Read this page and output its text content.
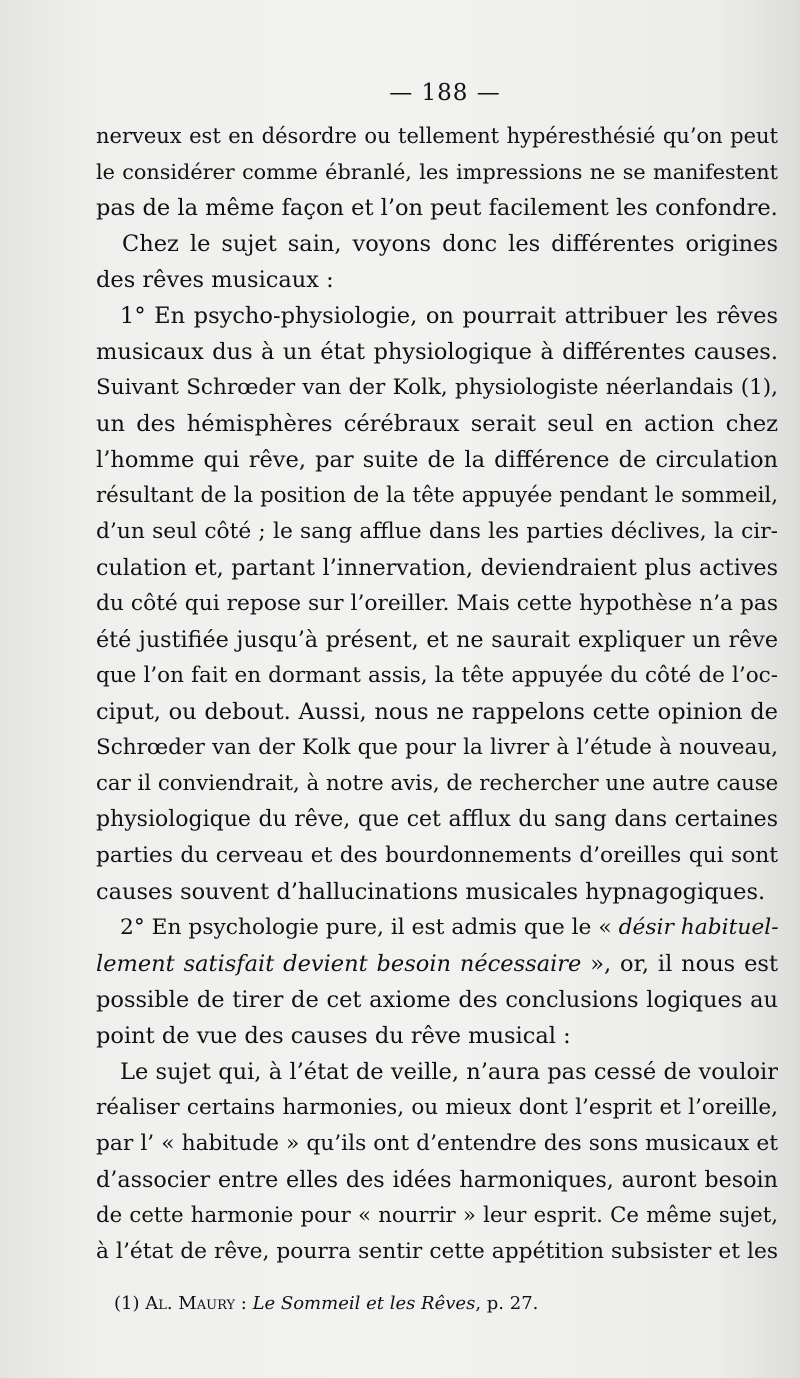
— 188 —
nerveux est en désordre ou tellement hypéresthésié qu’on peut
le considérer comme ébranlé, les impressions ne se manifestent
pas de la même façon et l’on peut facilement les confondre.
Chez le sujet sain, voyons donc les différentes origines
des rêves musicaux :
1° En psycho-physiologie, on pourrait attribuer les rêves
musicaux dus à un état physiologique à différentes causes.
Suivant Schrœder van der Kolk, physiologiste néerlandais (1),
un des hémisphères cérébraux serait seul en action chez
l’homme qui rêve, par suite de la différence de circulation
résultant de la position de la tête appuyée pendant le sommeil,
d’un seul côté ; le sang afflue dans les parties déclives, la cir-
culation et, partant l’innervation, deviendraient plus actives
du côté qui repose sur l’oreiller. Mais cette hypothèse n’a pas
été justifiée jusqu’à présent, et ne saurait expliquer un rêve
que l’on fait en dormant assis, la tête appuyée du côté de l’oc-
ciput, ou debout. Aussi, nous ne rappelons cette opinion de
Schrœder van der Kolk que pour la livrer à l’étude à nouveau,
car il conviendrait, à notre avis, de rechercher une autre cause
physiologique du rêve, que cet afflux du sang dans certaines
parties du cerveau et des bourdonnements d’oreilles qui sont
causes souvent d’hallucinations musicales hypnagogiques.
2° En psychologie pure, il est admis que le « désir habituel-
lement satisfait devient besoin nécessaire », or, il nous est
possible de tirer de cet axiome des conclusions logiques au
point de vue des causes du rêve musical :
Le sujet qui, à l’état de veille, n’aura pas cessé de vouloir
réaliser certains harmonies, ou mieux dont l’esprit et l’oreille,
par l’ « habitude » qu’ils ont d’entendre des sons musicaux et
d’associer entre elles des idées harmoniques, auront besoin
de cette harmonie pour « nourrir » leur esprit. Ce même sujet,
à l’état de rêve, pourra sentir cette appétition subsister et les
(1) Al. Maury : Le Sommeil et les Rêves, p. 27.
